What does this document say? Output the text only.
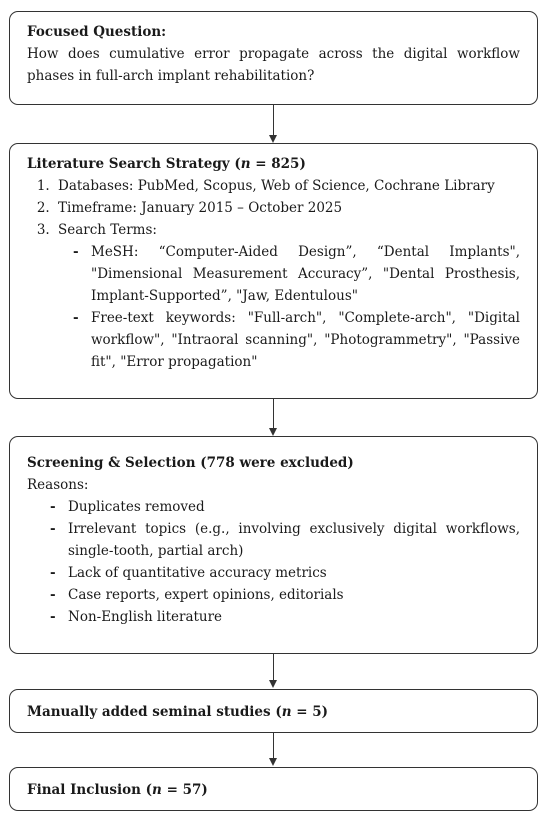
Focused Question:
How does cumulative error propagate across the digital workflow phases in full-arch implant rehabilitation?
Literature Search Strategy (n = 825)
1. Databases: PubMed, Scopus, Web of Science, Cochrane Library
2. Timeframe: January 2015 – October 2025
3. Search Terms:
- MeSH: “Computer-Aided Design”, “Dental Implants", "Dimensional Measurement Accuracy”, "Dental Prosthesis, Implant-Supported”, "Jaw, Edentulous"
- Free-text keywords: "Full-arch", "Complete-arch", "Digital workflow", "Intraoral scanning", "Photogrammetry", "Passive fit", "Error propagation"
Screening & Selection (778 were excluded)
Reasons:
- Duplicates removed
- Irrelevant topics (e.g., involving exclusively digital workflows, single-tooth, partial arch)
- Lack of quantitative accuracy metrics
- Case reports, expert opinions, editorials
- Non-English literature
Manually added seminal studies (n = 5)
Final Inclusion (n = 57)
